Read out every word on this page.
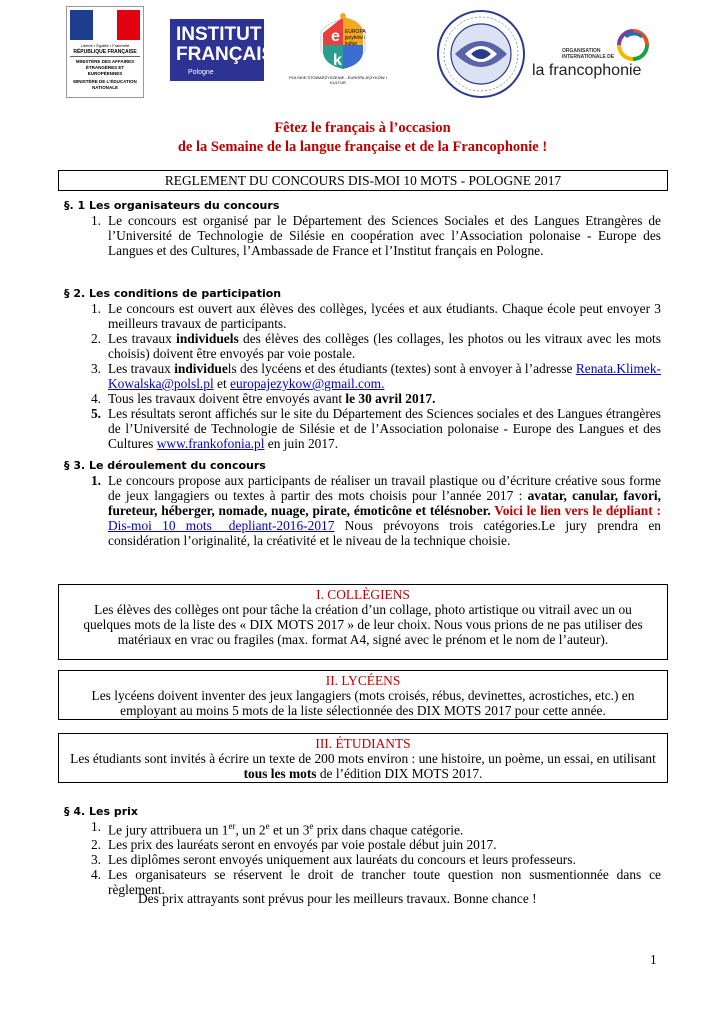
Liberté • Égalité • Fraternité
RÉPUBLIQUE FRANÇAISE
MINISTÈRE DES AFFAIRES ÉTRANGÈRES ET EUROPÉENNES
MINISTÈRE DE L'ÉDUCATION NATIONALE
INSTITUT
FRANÇAIS
Pologne
e
k
EUROPA języków i kultur
POLSKIE STOWARZYSZENIE - EUROPA JĘZYKÓW I KULTUR
ORGANISATION INTERNATIONALE DE
la francophonie
Fêtez le français à l’occasion
de la Semaine de la langue française et de la Francophonie !
REGLEMENT DU CONCOURS DIS-MOI 10 MOTS - POLOGNE 2017
§. 1 Les organisateurs du concours
1. Le concours est organisé par le Département des Sciences Sociales et des Langues Etrangères de l’Université de Technologie de Silésie en coopération avec l’Association polonaise - Europe des Langues et des Cultures, l’Ambassade de France et l’Institut français en Pologne.
§ 2. Les conditions de participation
1. Le concours est ouvert aux élèves des collèges, lycées et aux étudiants. Chaque école peut envoyer 3 meilleurs travaux de participants.
2. Les travaux individuels des élèves des collèges (les collages, les photos ou les vitraux avec les mots choisis) doivent être envoyés par voie postale.
3. Les travaux individuels des lycéens et des étudiants (textes) sont à envoyer à l’adresse Renata.Klimek-Kowalska@polsl.pl et europajezykow@gmail.com.
4. Tous les travaux doivent être envoyés avant le 30 avril 2017.
5. Les résultats seront affichés sur le site du Département des Sciences sociales et des Langues étrangères de l’Université de Technologie de Silésie et de l’Association polonaise - Europe des Langues et des Cultures www.frankofonia.pl en juin 2017.
§ 3. Le déroulement du concours
1. Le concours propose aux participants de réaliser un travail plastique ou d’écriture créative sous forme de jeux langagiers ou textes à partir des mots choisis pour l’année 2017 : avatar, canular, favori, fureteur, héberger, nomade, nuage, pirate, émoticône et télésnober. Voici le lien vers le dépliant : Dis-moi 10 mots_ depliant-2016-2017 Nous prévoyons trois catégories.Le jury prendra en considération l’originalité, la créativité et le niveau de la technique choisie.
I. COLLÈGIENS
Les élèves des collèges ont pour tâche la création d’un collage, photo artistique ou vitrail avec un ou quelques mots de la liste des « DIX MOTS 2017 » de leur choix. Nous vous prions de ne pas utiliser des matériaux en vrac ou fragiles (max. format A4, signé avec le prénom et le nom de l’auteur).
II. LYCÉENS
Les lycéens doivent inventer des jeux langagiers (mots croisés, rébus, devinettes, acrostiches, etc.) en employant au moins 5 mots de la liste sélectionnée des DIX MOTS 2017 pour cette année.
III. ÉTUDIANTS
Les étudiants sont invités à écrire un texte de 200 mots environ : une histoire, un poème, un essai, en utilisant tous les mots de l’édition DIX MOTS 2017.
§ 4. Les prix
1. Le jury attribuera un 1er, un 2e et un 3e prix dans chaque catégorie.
2. Les prix des lauréats seront en envoyés par voie postale début juin 2017.
3. Les diplômes seront envoyés uniquement aux lauréats du concours et leurs professeurs.
4. Les organisateurs se réservent le droit de trancher toute question non susmentionnée dans ce règlement.
Des prix attrayants sont prévus pour les meilleurs travaux. Bonne chance !
1
